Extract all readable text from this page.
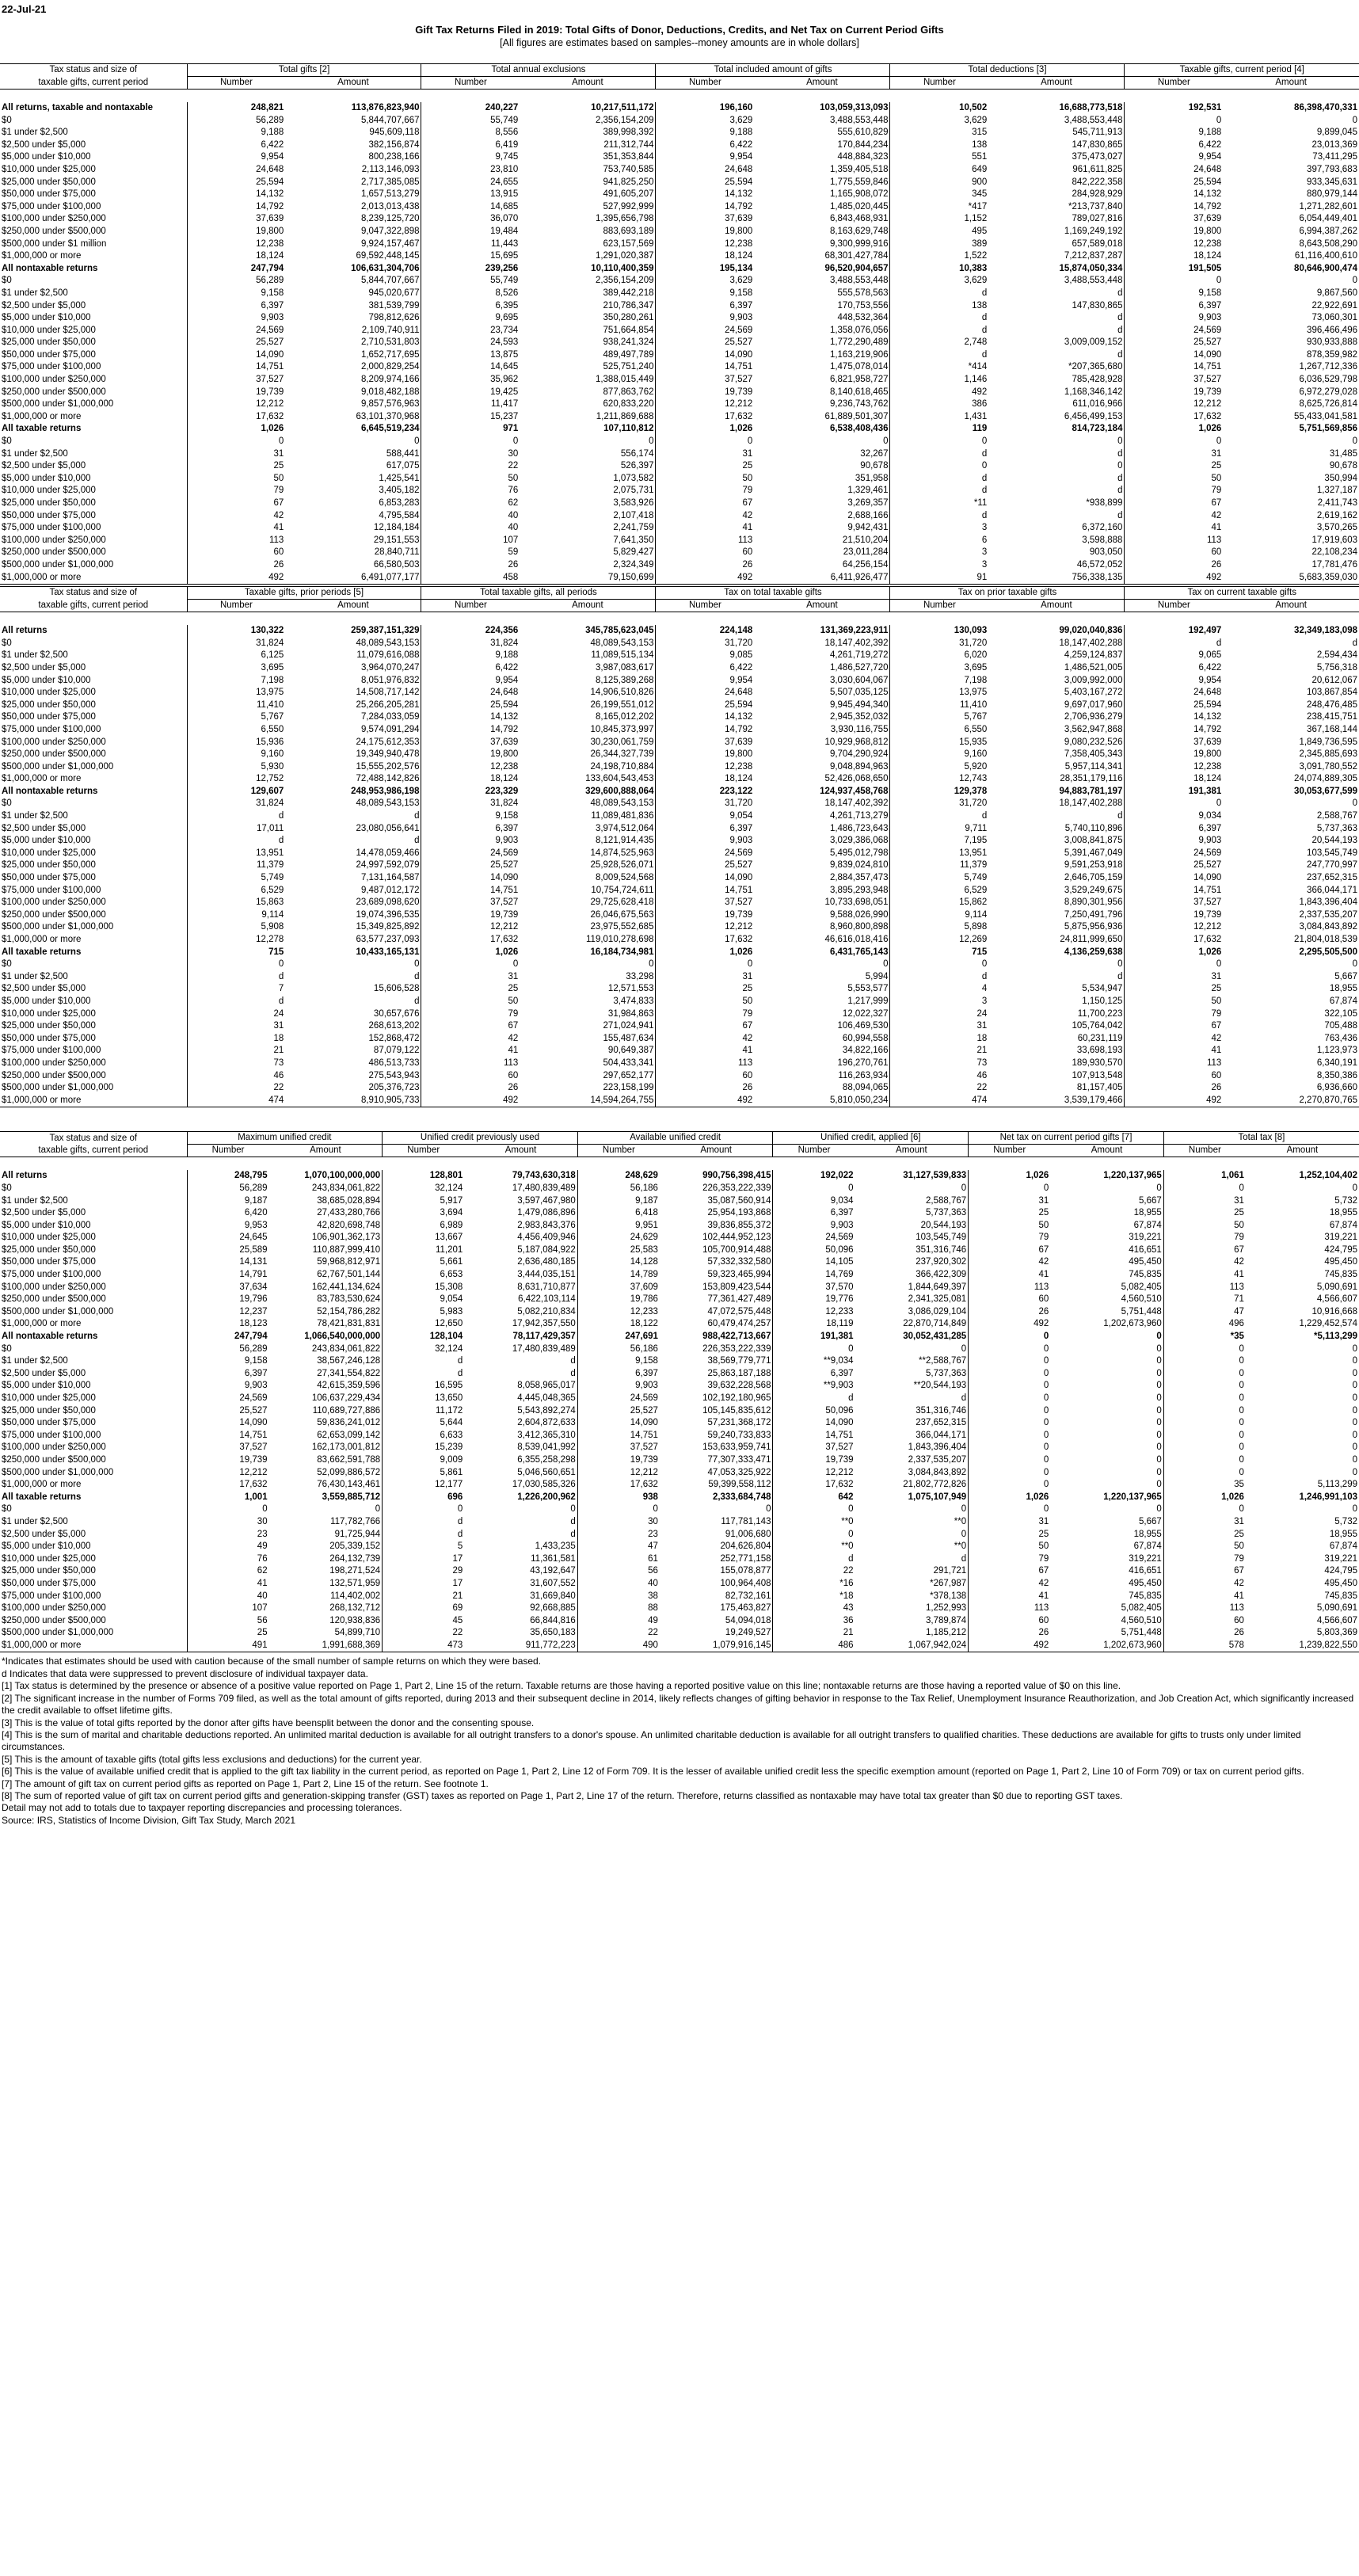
22-Jul-21
Gift Tax Returns Filed in 2019: Total Gifts of Donor, Deductions, Credits, and Net Tax on Current Period Gifts
[All figures are estimates based on samples--money amounts are in whole dollars]
Tax status and size of	Total gifts [2]		Total annual exclusions		Total included amount of gifts		Total deductions [3]		Taxable gifts, current period [4]	
taxable gifts, current period	Number	Amount	Number	Amount	Number	Amount	Number	Amount	Number	Amount

All returns, taxable and nontaxable	248,821	113,876,823,940	240,227	10,217,511,172	196,160	103,059,313,093	10,502	16,688,773,518	192,531	86,398,470,331
$0	56,289	5,844,707,667	55,749	2,356,154,209	3,629	3,488,553,448	3,629	3,488,553,448	0	0
$1 under $2,500	9,188	945,609,118	8,556	389,998,392	9,188	555,610,829	315	545,711,913	9,188	9,899,045
$2,500 under $5,000	6,422	382,156,874	6,419	211,312,744	6,422	170,844,234	138	147,830,865	6,422	23,013,369
$5,000 under $10,000	9,954	800,238,166	9,745	351,353,844	9,954	448,884,323	551	375,473,027	9,954	73,411,295
$10,000 under $25,000	24,648	2,113,146,093	23,810	753,740,585	24,648	1,359,405,518	649	961,611,825	24,648	397,793,683
$25,000 under $50,000	25,594	2,717,385,085	24,655	941,825,250	25,594	1,775,559,846	900	842,222,358	25,594	933,345,631
$50,000 under $75,000	14,132	1,657,513,279	13,915	491,605,207	14,132	1,165,908,072	345	284,928,929	14,132	880,979,144
$75,000 under $100,000	14,792	2,013,013,438	14,685	527,992,999	14,792	1,485,020,445	*417	*213,737,840	14,792	1,271,282,601
$100,000 under $250,000	37,639	8,239,125,720	36,070	1,395,656,798	37,639	6,843,468,931	1,152	789,027,816	37,639	6,054,449,401
$250,000 under $500,000	19,800	9,047,322,898	19,484	883,693,189	19,800	8,163,629,748	495	1,169,249,192	19,800	6,994,387,262
$500,000 under $1 million	12,238	9,924,157,467	11,443	623,157,569	12,238	9,300,999,916	389	657,589,018	12,238	8,643,508,290
$1,000,000 or more	18,124	69,592,448,145	15,695	1,291,020,387	18,124	68,301,427,784	1,522	7,212,837,287	18,124	61,116,400,610
All nontaxable returns	247,794	106,631,304,706	239,256	10,110,400,359	195,134	96,520,904,657	10,383	15,874,050,334	191,505	80,646,900,474
$0	56,289	5,844,707,667	55,749	2,356,154,209	3,629	3,488,553,448	3,629	3,488,553,448	0	0
$1 under $2,500	9,158	945,020,677	8,526	389,442,218	9,158	555,578,563	d	d	9,158	9,867,560
$2,500 under $5,000	6,397	381,539,799	6,395	210,786,347	6,397	170,753,556	138	147,830,865	6,397	22,922,691
$5,000 under $10,000	9,903	798,812,626	9,695	350,280,261	9,903	448,532,364	d	d	9,903	73,060,301
$10,000 under $25,000	24,569	2,109,740,911	23,734	751,664,854	24,569	1,358,076,056	d	d	24,569	396,466,496
$25,000 under $50,000	25,527	2,710,531,803	24,593	938,241,324	25,527	1,772,290,489	2,748	3,009,009,152	25,527	930,933,888
$50,000 under $75,000	14,090	1,652,717,695	13,875	489,497,789	14,090	1,163,219,906	d	d	14,090	878,359,982
$75,000 under $100,000	14,751	2,000,829,254	14,645	525,751,240	14,751	1,475,078,014	*414	*207,365,680	14,751	1,267,712,336
$100,000 under $250,000	37,527	8,209,974,166	35,962	1,388,015,449	37,527	6,821,958,727	1,146	785,428,928	37,527	6,036,529,798
$250,000 under $500,000	19,739	9,018,482,188	19,425	877,863,762	19,739	8,140,618,465	492	1,168,346,142	19,739	6,972,279,028
$500,000 under $1,000,000	12,212	9,857,576,963	11,417	620,833,220	12,212	9,236,743,762	386	611,016,966	12,212	8,625,726,814
$1,000,000 or more	17,632	63,101,370,968	15,237	1,211,869,688	17,632	61,889,501,307	1,431	6,456,499,153	17,632	55,433,041,581
All taxable returns	1,026	6,645,519,234	971	107,110,812	1,026	6,538,408,436	119	814,723,184	1,026	5,751,569,856
$0	0	0	0	0	0	0	0	0	0	0
$1 under $2,500	31	588,441	30	556,174	31	32,267	d	d	31	31,485
$2,500 under $5,000	25	617,075	22	526,397	25	90,678	0	0	25	90,678
$5,000 under $10,000	50	1,425,541	50	1,073,582	50	351,958	d	d	50	350,994
$10,000 under $25,000	79	3,405,182	76	2,075,731	79	1,329,461	d	d	79	1,327,187
$25,000 under $50,000	67	6,853,283	62	3,583,926	67	3,269,357	*11	*938,899	67	2,411,743
$50,000 under $75,000	42	4,795,584	40	2,107,418	42	2,688,166	d	d	42	2,619,162
$75,000 under $100,000	41	12,184,184	40	2,241,759	41	9,942,431	3	6,372,160	41	3,570,265
$100,000 under $250,000	113	29,151,553	107	7,641,350	113	21,510,204	6	3,598,888	113	17,919,603
$250,000 under $500,000	60	28,840,711	59	5,829,427	60	23,011,284	3	903,050	60	22,108,234
$500,000 under $1,000,000	26	66,580,503	26	2,324,349	26	64,256,154	3	46,572,052	26	17,781,476
$1,000,000 or more	492	6,491,077,177	458	79,150,699	492	6,411,926,477	91	756,338,135	492	5,683,359,030
Tax status and size of	Taxable gifts, prior periods [5]		Total taxable gifts, all periods		Tax on total taxable gifts		Tax on prior taxable gifts		Tax on current taxable gifts	
taxable gifts, current period	Number	Amount	Number	Amount	Number	Amount	Number	Amount	Number	Amount

All returns	130,322	259,387,151,329	224,356	345,785,623,045	224,148	131,369,223,911	130,093	99,020,040,836	192,497	32,349,183,098
$0	31,824	48,089,543,153	31,824	48,089,543,153	31,720	18,147,402,392	31,720	18,147,402,288	d	d
$1 under $2,500	6,125	11,079,616,088	9,188	11,089,515,134	9,085	4,261,719,272	6,020	4,259,124,837	9,065	2,594,434
$2,500 under $5,000	3,695	3,964,070,247	6,422	3,987,083,617	6,422	1,486,527,720	3,695	1,486,521,005	6,422	5,756,318
$5,000 under $10,000	7,198	8,051,976,832	9,954	8,125,389,268	9,954	3,030,604,067	7,198	3,009,992,000	9,954	20,612,067
$10,000 under $25,000	13,975	14,508,717,142	24,648	14,906,510,826	24,648	5,507,035,125	13,975	5,403,167,272	24,648	103,867,854
$25,000 under $50,000	11,410	25,266,205,281	25,594	26,199,551,012	25,594	9,945,494,340	11,410	9,697,017,960	25,594	248,476,485
$50,000 under $75,000	5,767	7,284,033,059	14,132	8,165,012,202	14,132	2,945,352,032	5,767	2,706,936,279	14,132	238,415,751
$75,000 under $100,000	6,550	9,574,091,294	14,792	10,845,373,997	14,792	3,930,116,755	6,550	3,562,947,868	14,792	367,168,144
$100,000 under $250,000	15,936	24,175,612,353	37,639	30,230,061,759	37,639	10,929,968,812	15,935	9,080,232,526	37,639	1,849,736,595
$250,000 under $500,000	9,160	19,349,940,478	19,800	26,344,327,739	19,800	9,704,290,924	9,160	7,358,405,343	19,800	2,345,885,693
$500,000 under $1,000,000	5,930	15,555,202,576	12,238	24,198,710,884	12,238	9,048,894,963	5,920	5,957,114,341	12,238	3,091,780,552
$1,000,000 or more	12,752	72,488,142,826	18,124	133,604,543,453	18,124	52,426,068,650	12,743	28,351,179,116	18,124	24,074,889,305
All nontaxable returns	129,607	248,953,986,198	223,329	329,600,888,064	223,122	124,937,458,768	129,378	94,883,781,197	191,381	30,053,677,599
$0	31,824	48,089,543,153	31,824	48,089,543,153	31,720	18,147,402,392	31,720	18,147,402,288	0	0
$1 under $2,500	d	d	9,158	11,089,481,836	9,054	4,261,713,279	d	d	9,034	2,588,767
$2,500 under $5,000	17,011	23,080,056,641	6,397	3,974,512,064	6,397	1,486,723,643	9,711	5,740,110,896	6,397	5,737,363
$5,000 under $10,000	d	d	9,903	8,121,914,435	9,903	3,029,386,068	7,195	3,008,841,875	9,903	20,544,193
$10,000 under $25,000	13,951	14,478,059,466	24,569	14,874,525,963	24,569	5,495,012,798	13,951	5,391,467,049	24,569	103,545,749
$25,000 under $50,000	11,379	24,997,592,079	25,527	25,928,526,071	25,527	9,839,024,810	11,379	9,591,253,918	25,527	247,770,997
$50,000 under $75,000	5,749	7,131,164,587	14,090	8,009,524,568	14,090	2,884,357,473	5,749	2,646,705,159	14,090	237,652,315
$75,000 under $100,000	6,529	9,487,012,172	14,751	10,754,724,611	14,751	3,895,293,948	6,529	3,529,249,675	14,751	366,044,171
$100,000 under $250,000	15,863	23,689,098,620	37,527	29,725,628,418	37,527	10,733,698,051	15,862	8,890,301,956	37,527	1,843,396,404
$250,000 under $500,000	9,114	19,074,396,535	19,739	26,046,675,563	19,739	9,588,026,990	9,114	7,250,491,796	19,739	2,337,535,207
$500,000 under $1,000,000	5,908	15,349,825,892	12,212	23,975,552,685	12,212	8,960,800,898	5,898	5,875,956,936	12,212	3,084,843,892
$1,000,000 or more	12,278	63,577,237,093	17,632	119,010,278,698	17,632	46,616,018,416	12,269	24,811,999,650	17,632	21,804,018,539
All taxable returns	715	10,433,165,131	1,026	16,184,734,981	1,026	6,431,765,143	715	4,136,259,638	1,026	2,295,505,500
$0	0	0	0	0	0	0	0	0	0	0
$1 under $2,500	d	d	31	33,298	31	5,994	d	d	31	5,667
$2,500 under $5,000	7	15,606,528	25	12,571,553	25	5,553,577	4	5,534,947	25	18,955
$5,000 under $10,000	d	d	50	3,474,833	50	1,217,999	3	1,150,125	50	67,874
$10,000 under $25,000	24	30,657,676	79	31,984,863	79	12,022,327	24	11,700,223	79	322,105
$25,000 under $50,000	31	268,613,202	67	271,024,941	67	106,469,530	31	105,764,042	67	705,488
$50,000 under $75,000	18	152,868,472	42	155,487,634	42	60,994,558	18	60,231,119	42	763,436
$75,000 under $100,000	21	87,079,122	41	90,649,387	41	34,822,166	21	33,698,193	41	1,123,973
$100,000 under $250,000	73	486,513,733	113	504,433,341	113	196,270,761	73	189,930,570	113	6,340,191
$250,000 under $500,000	46	275,543,943	60	297,652,177	60	116,263,934	46	107,913,548	60	8,350,386
$500,000 under $1,000,000	22	205,376,723	26	223,158,199	26	88,094,065	22	81,157,405	26	6,936,660
$1,000,000 or more	474	8,910,905,733	492	14,594,264,755	492	5,810,050,234	474	3,539,179,466	492	2,270,870,765
Tax status and size of	Maximum unified credit		Unified credit previously used		Available unified credit		Unified credit, applied [6]		Net tax on current period gifts [7]		Total tax [8]	
taxable gifts, current period	Number	Amount	Number	Amount	Number	Amount	Number	Amount	Number	Amount	Number	Amount

All returns	248,795	1,070,100,000,000	128,801	79,743,630,318	248,629	990,756,398,415	192,022	31,127,539,833	1,026	1,220,137,965	1,061	1,252,104,402
$0	56,289	243,834,061,822	32,124	17,480,839,489	56,186	226,353,222,339	0	0	0	0	0	0
$1 under $2,500	9,187	38,685,028,894	5,917	3,597,467,980	9,187	35,087,560,914	9,034	2,588,767	31	5,667	31	5,732
$2,500 under $5,000	6,420	27,433,280,766	3,694	1,479,086,896	6,418	25,954,193,868	6,397	5,737,363	25	18,955	25	18,955
$5,000 under $10,000	9,953	42,820,698,748	6,989	2,983,843,376	9,951	39,836,855,372	9,903	20,544,193	50	67,874	50	67,874
$10,000 under $25,000	24,645	106,901,362,173	13,667	4,456,409,946	24,629	102,444,952,123	24,569	103,545,749	79	319,221	79	319,221
$25,000 under $50,000	25,589	110,887,999,410	11,201	5,187,084,922	25,583	105,700,914,488	50,096	351,316,746	67	416,651	67	424,795
$50,000 under $75,000	14,131	59,968,812,971	5,661	2,636,480,185	14,128	57,332,332,580	14,105	237,920,302	42	495,450	42	495,450
$75,000 under $100,000	14,791	62,767,501,144	6,653	3,444,035,151	14,789	59,323,465,994	14,769	366,422,309	41	745,835	41	745,835
$100,000 under $250,000	37,634	162,441,134,624	15,308	8,631,710,877	37,609	153,809,423,544	37,570	1,844,649,397	113	5,082,405	113	5,090,691
$250,000 under $500,000	19,796	83,783,530,624	9,054	6,422,103,114	19,786	77,361,427,489	19,776	2,341,325,081	60	4,560,510	71	4,566,607
$500,000 under $1,000,000	12,237	52,154,786,282	5,983	5,082,210,834	12,233	47,072,575,448	12,233	3,086,029,104	26	5,751,448	47	10,916,668
$1,000,000 or more	18,123	78,421,831,831	12,650	17,942,357,550	18,122	60,479,474,257	18,119	22,870,714,849	492	1,202,673,960	496	1,229,452,574
All nontaxable returns	247,794	1,066,540,000,000	128,104	78,117,429,357	247,691	988,422,713,667	191,381	30,052,431,285	0	0	*35	*5,113,299
$0	56,289	243,834,061,822	32,124	17,480,839,489	56,186	226,353,222,339	0	0	0	0	0	0
$1 under $2,500	9,158	38,567,246,128	d	d	9,158	38,569,779,771	**9,034	**2,588,767	0	0	0	0
$2,500 under $5,000	6,397	27,341,554,822	d	d	6,397	25,863,187,188	6,397	5,737,363	0	0	0	0
$5,000 under $10,000	9,903	42,615,359,596	16,595	8,058,965,017	9,903	39,632,228,568	**9,903	**20,544,193	0	0	0	0
$10,000 under $25,000	24,569	106,637,229,434	13,650	4,445,048,365	24,569	102,192,180,965	d	d	0	0	0	0
$25,000 under $50,000	25,527	110,689,727,886	11,172	5,543,892,274	25,527	105,145,835,612	50,096	351,316,746	0	0	0	0
$50,000 under $75,000	14,090	59,836,241,012	5,644	2,604,872,633	14,090	57,231,368,172	14,090	237,652,315	0	0	0	0
$75,000 under $100,000	14,751	62,653,099,142	6,633	3,412,365,310	14,751	59,240,733,833	14,751	366,044,171	0	0	0	0
$100,000 under $250,000	37,527	162,173,001,812	15,239	8,539,041,992	37,527	153,633,959,741	37,527	1,843,396,404	0	0	0	0
$250,000 under $500,000	19,739	83,662,591,788	9,009	6,355,258,298	19,739	77,307,333,471	19,739	2,337,535,207	0	0	0	0
$500,000 under $1,000,000	12,212	52,099,886,572	5,861	5,046,560,651	12,212	47,053,325,922	12,212	3,084,843,892	0	0	0	0
$1,000,000 or more	17,632	76,430,143,461	12,177	17,030,585,326	17,632	59,399,558,112	17,632	21,802,772,826	0	0	35	5,113,299
All taxable returns	1,001	3,559,885,712	696	1,226,200,962	938	2,333,684,748	642	1,075,107,949	1,026	1,220,137,965	1,026	1,246,991,103
$0	0	0	0	0	0	0	0	0	0	0	0	0
$1 under $2,500	30	117,782,766	d	d	30	117,781,143	**0	**0	31	5,667	31	5,732
$2,500 under $5,000	23	91,725,944	d	d	23	91,006,680	0	0	25	18,955	25	18,955
$5,000 under $10,000	49	205,339,152	5	1,433,235	47	204,626,804	**0	**0	50	67,874	50	67,874
$10,000 under $25,000	76	264,132,739	17	11,361,581	61	252,771,158	d	d	79	319,221	79	319,221
$25,000 under $50,000	62	198,271,524	29	43,192,647	56	155,078,877	22	291,721	67	416,651	67	424,795
$50,000 under $75,000	41	132,571,959	17	31,607,552	40	100,964,408	*16	*267,987	42	495,450	42	495,450
$75,000 under $100,000	40	114,402,002	21	31,669,840	38	82,732,161	*18	*378,138	41	745,835	41	745,835
$100,000 under $250,000	107	268,132,712	69	92,668,885	88	175,463,827	43	1,252,993	113	5,082,405	113	5,090,691
$250,000 under $500,000	56	120,938,836	45	66,844,816	49	54,094,018	36	3,789,874	60	4,560,510	60	4,566,607
$500,000 under $1,000,000	25	54,899,710	22	35,650,183	22	19,249,527	21	1,185,212	26	5,751,448	26	5,803,369
$1,000,000 or more	491	1,991,688,369	473	911,772,223	490	1,079,916,145	486	1,067,942,024	492	1,202,673,960	578	1,239,822,550
*Indicates that estimates should be used with caution because of the small number of sample returns on which they were based.
d Indicates that data were suppressed to prevent disclosure of individual taxpayer data.
[1] Tax status is determined by the presence or absence of a positive value reported on Page 1, Part 2, Line 15 of the return. Taxable returns are those having a reported positive value on this line; nontaxable returns are those having a reported value of $0 on this line.
[2] The significant increase in the number of Forms 709 filed, as well as the total amount of gifts reported, during 2013 and their subsequent decline in 2014, likely reflects changes of gifting behavior in response to the Tax Relief, Unemployment Insurance Reauthorization, and Job Creation Act, which significantly increased the credit available to offset lifetime gifts.
[3] This is the value of total gifts reported by the donor after gifts have beensplit between the donor and the consenting spouse.
[4] This is the sum of marital and charitable deductions reported. An unlimited marital deduction is available for all outright transfers to a donor's spouse. An unlimited charitable deduction is available for all outright transfers to qualified charities. These deductions are available for gifts to trusts only under limited circumstances.
[5] This is the amount of taxable gifts (total gifts less exclusions and deductions) for the current year.
[6] This is the value of available unified credit that is applied to the gift tax liability in the current period, as reported on Page 1, Part 2, Line 12 of Form 709. It is the lesser of available unified credit less the specific exemption amount (reported on Page 1, Part 2, Line 10 of Form 709) or tax on current period gifts.
[7] The amount of gift tax on current period gifts as reported on Page 1, Part 2, Line 15 of the return. See footnote 1.
[8] The sum of reported value of gift tax on current period gifts and generation-skipping transfer (GST) taxes as reported on Page 1, Part 2, Line 17 of the return. Therefore, returns classified as nontaxable may have total tax greater than $0 due to reporting GST taxes.
Detail may not add to totals due to taxpayer reporting discrepancies and processing tolerances.
Source: IRS, Statistics of Income Division, Gift Tax Study, March 2021
